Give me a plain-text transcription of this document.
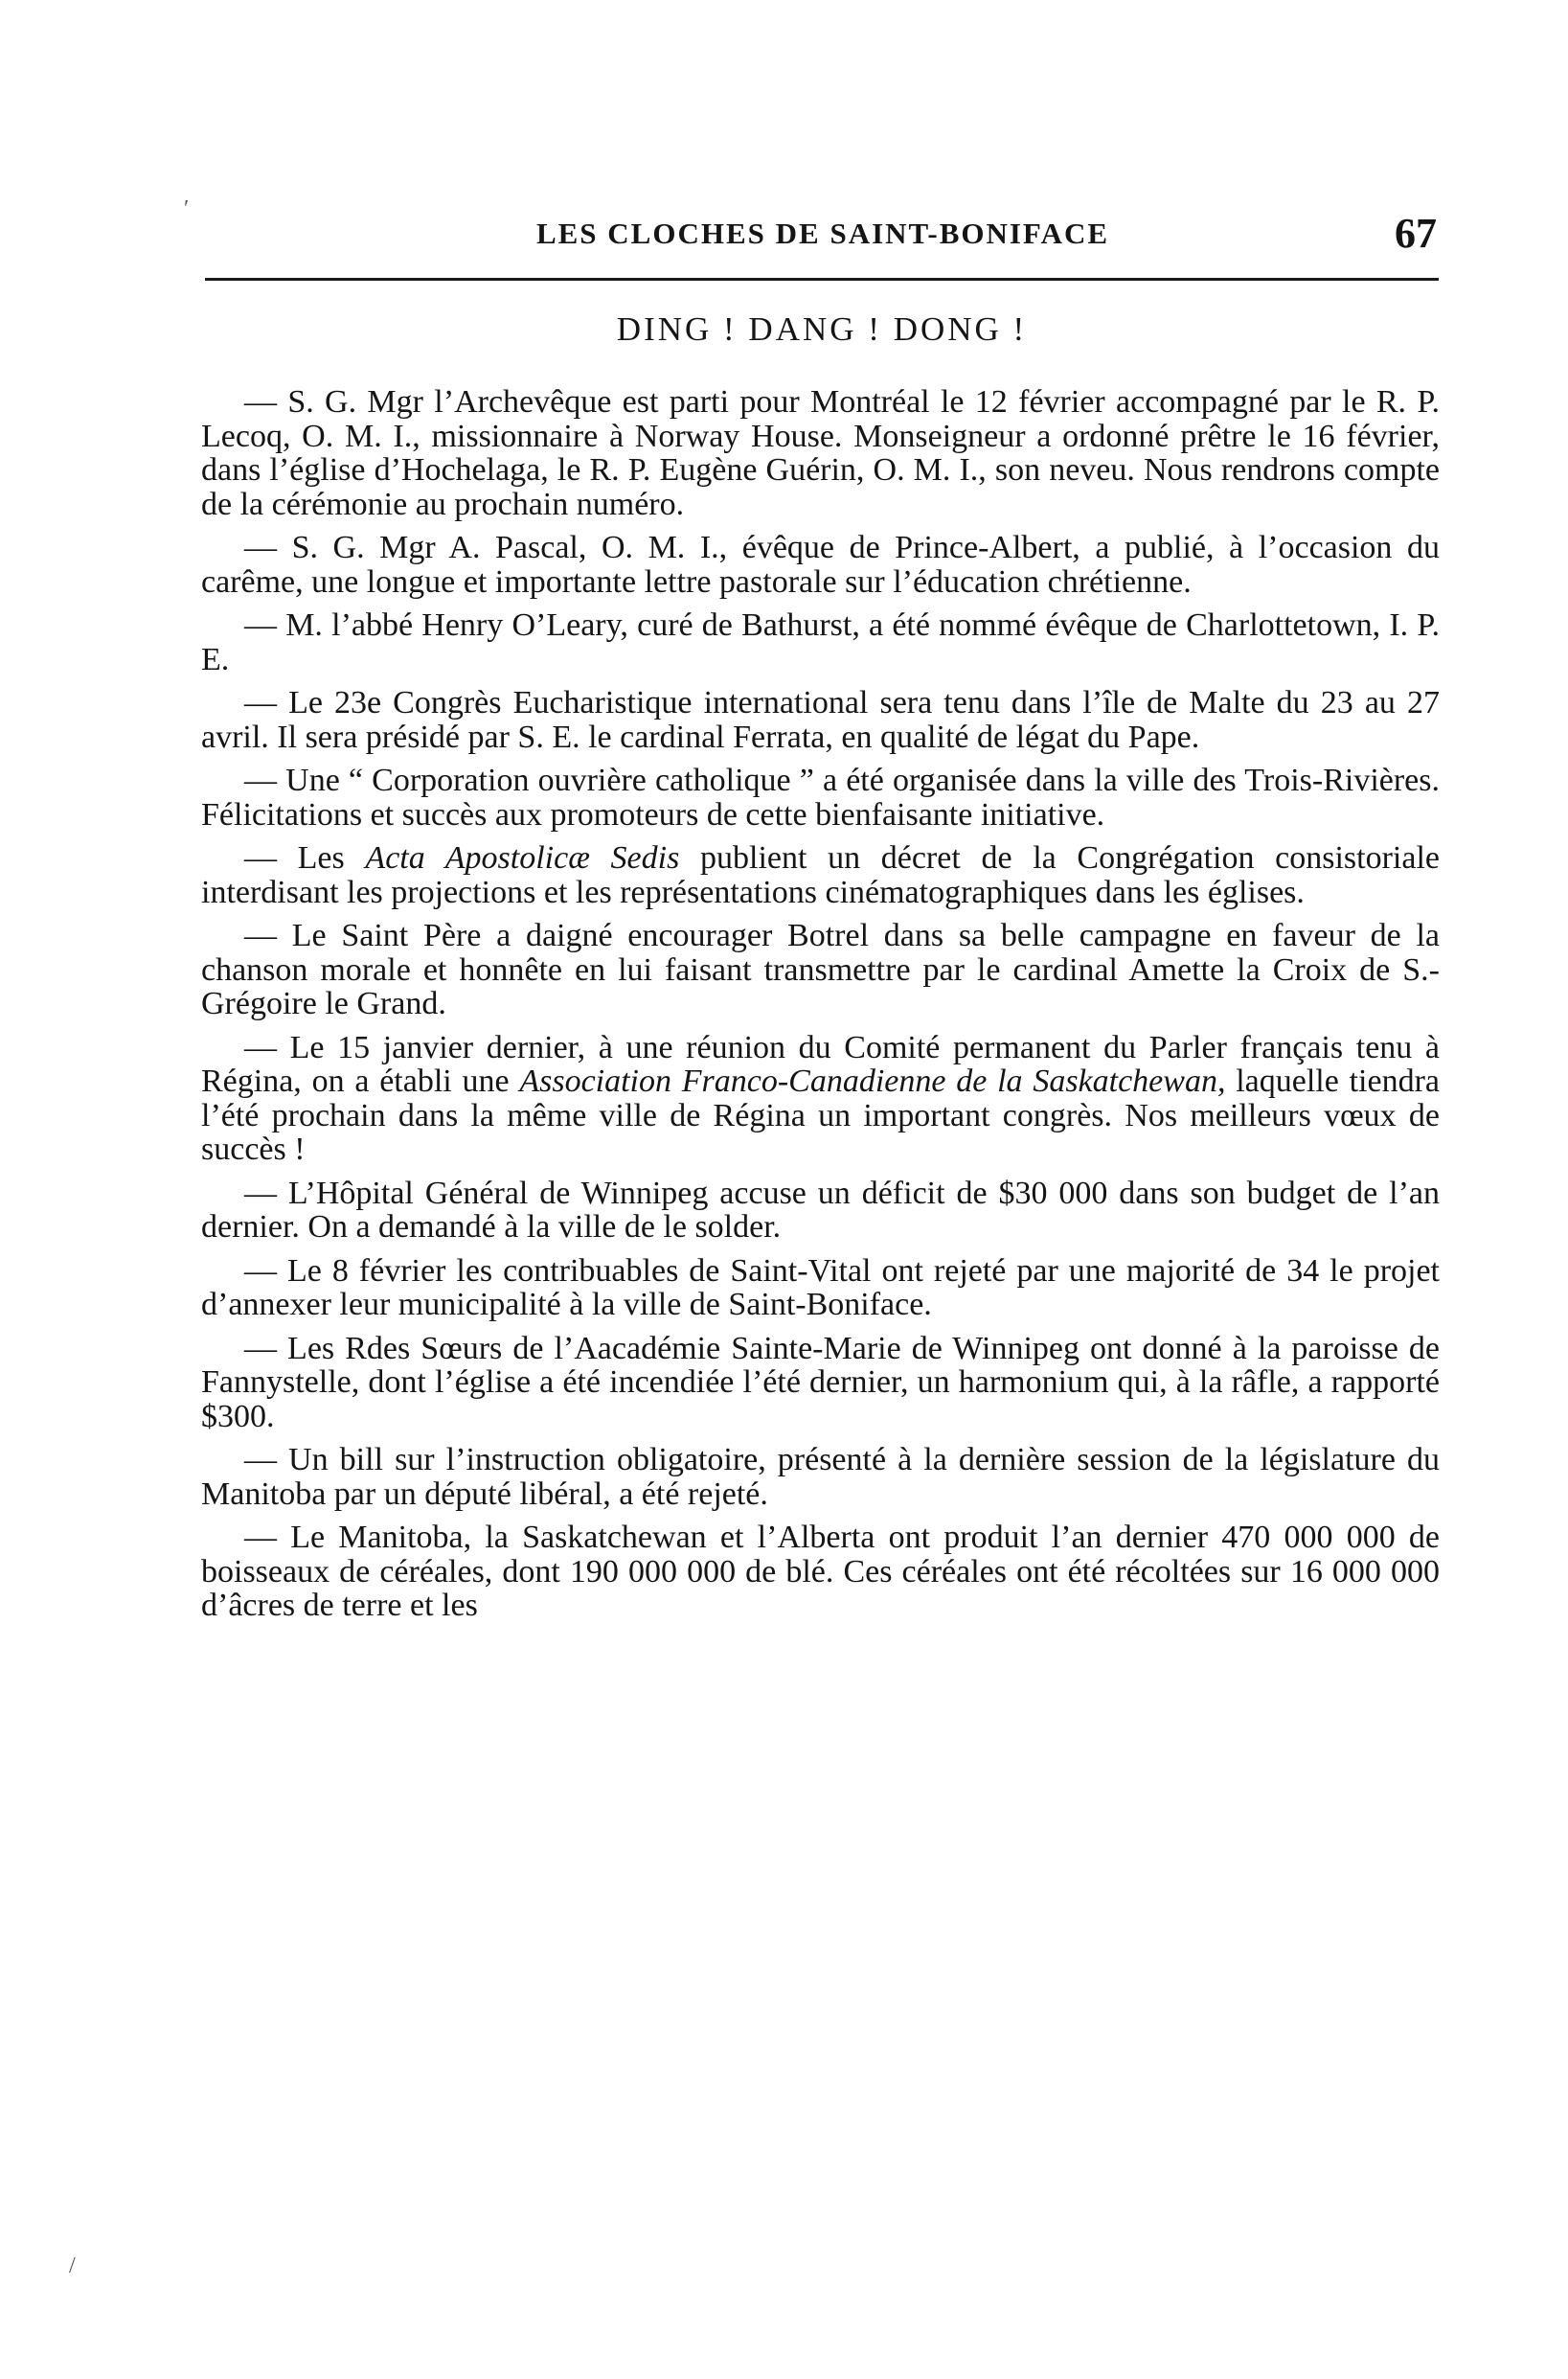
LES CLOCHES DE SAINT-BONIFACE	67
DING ! DANG ! DONG !

— S. G. Mgr l’Archevêque est parti pour Montréal le 12 février accompagné par le R. P. Lecoq, O. M. I., missionnaire à Norway House. Monseigneur a ordonné prêtre le 16 février, dans l’église d’Hochelaga, le R. P. Eugène Guérin, O. M. I., son neveu. Nous rendrons compte de la cérémonie au prochain numéro.

— S. G. Mgr A. Pascal, O. M. I., évêque de Prince-Albert, a publié, à l’occasion du carême, une longue et importante lettre pastorale sur l’éducation chrétienne.

— M. l’abbé Henry O’Leary, curé de Bathurst, a été nommé évêque de Charlottetown, I. P. E.

— Le 23e Congrès Eucharistique international sera tenu dans l’île de Malte du 23 au 27 avril. Il sera présidé par S. E. le cardinal Ferrata, en qualité de légat du Pape.

— Une “ Corporation ouvrière catholique ” a été organisée dans la ville des Trois-Rivières. Félicitations et succès aux promoteurs de cette bienfaisante initiative.

— Les Acta Apostolicæ Sedis publient un décret de la Congrégation consistoriale interdisant les projections et les représentations cinématographiques dans les églises.

— Le Saint Père a daigné encourager Botrel dans sa belle campagne en faveur de la chanson morale et honnête en lui faisant transmettre par le cardinal Amette la Croix de S.- Grégoire le Grand.

— Le 15 janvier dernier, à une réunion du Comité permanent du Parler français tenu à Régina, on a établi une Association Franco-Canadienne de la Saskatchewan, laquelle tiendra l’été prochain dans la même ville de Régina un important congrès. Nos meilleurs vœux de succès !

— L’Hôpital Général de Winnipeg accuse un déficit de $30 000 dans son budget de l’an dernier. On a demandé à la ville de le solder.

— Le 8 février les contribuables de Saint-Vital ont rejeté par une majorité de 34 le projet d’annexer leur municipalité à la ville de Saint-Boniface.

— Les Rdes Sœurs de l’Aacadémie Sainte-Marie de Winnipeg ont donné à la paroisse de Fannystelle, dont l’église a été incendiée l’été dernier, un harmonium qui, à la râfle, a rapporté $300.

— Un bill sur l’instruction obligatoire, présenté à la dernière session de la législature du Manitoba par un député libéral, a été rejeté.

— Le Manitoba, la Saskatchewan et l’Alberta ont produit l’an dernier 470 000 000 de boisseaux de céréales, dont 190 000 000 de blé. Ces céréales ont été récoltées sur 16 000 000 d’âcres de terre et les

′
/
